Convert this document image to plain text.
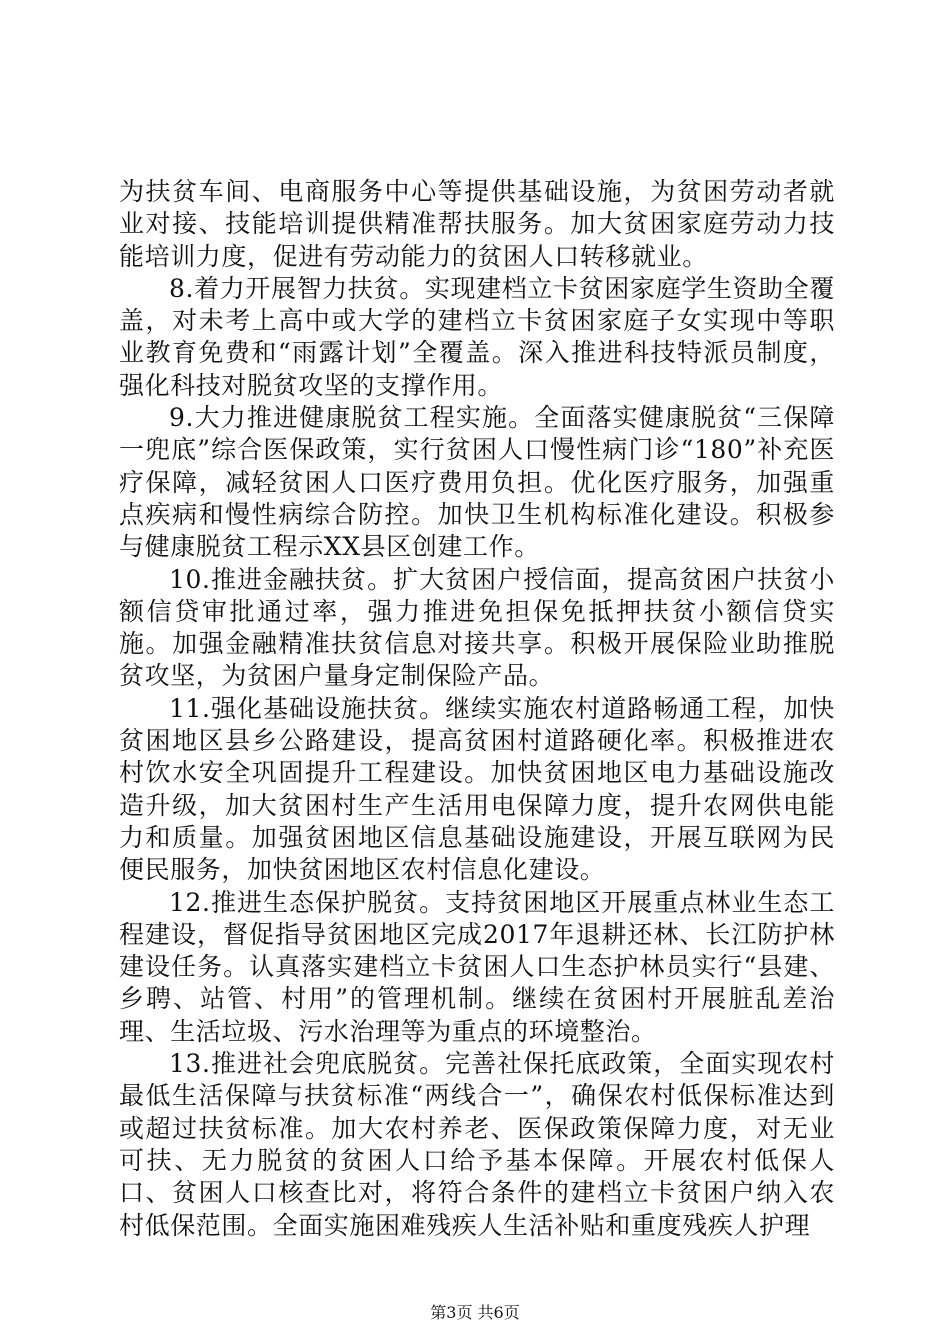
为扶贫车间、电商服务中心等提供基础设施，为贫困劳动者就业对接、技能培训提供精准帮扶服务。加大贫困家庭劳动力技能培训力度，促进有劳动能力的贫困人口转移就业。

8.着力开展智力扶贫。实现建档立卡贫困家庭学生资助全覆盖，对未考上高中或大学的建档立卡贫困家庭子女实现中等职业教育免费和“雨露计划”全覆盖。深入推进科技特派员制度，强化科技对脱贫攻坚的支撑作用。

9.大力推进健康脱贫工程实施。全面落实健康脱贫“三保障一兜底”综合医保政策，实行贫困人口慢性病门诊“180”补充医疗保障，减轻贫困人口医疗费用负担。优化医疗服务，加强重点疾病和慢性病综合防控。加快卫生机构标准化建设。积极参与健康脱贫工程示XX县区创建工作。

10.推进金融扶贫。扩大贫困户授信面，提高贫困户扶贫小额信贷审批通过率，强力推进免担保免抵押扶贫小额信贷实施。加强金融精准扶贫信息对接共享。积极开展保险业助推脱贫攻坚，为贫困户量身定制保险产品。

11.强化基础设施扶贫。继续实施农村道路畅通工程，加快贫困地区县乡公路建设，提高贫困村道路硬化率。积极推进农村饮水安全巩固提升工程建设。加快贫困地区电力基础设施改造升级，加大贫困村生产生活用电保障力度，提升农网供电能力和质量。加强贫困地区信息基础设施建设，开展互联网为民便民服务，加快贫困地区农村信息化建设。

12.推进生态保护脱贫。支持贫困地区开展重点林业生态工程建设，督促指导贫困地区完成2017年退耕还林、长江防护林建设任务。认真落实建档立卡贫困人口生态护林员实行“县建、乡聘、站管、村用”的管理机制。继续在贫困村开展脏乱差治理、生活垃圾、污水治理等为重点的环境整治。

13.推进社会兜底脱贫。完善社保托底政策，全面实现农村最低生活保障与扶贫标准“两线合一”，确保农村低保标准达到或超过扶贫标准。加大农村养老、医保政策保障力度，对无业可扶、无力脱贫的贫困人口给予基本保障。开展农村低保人口、贫困人口核查比对，将符合条件的建档立卡贫困户纳入农村低保范围。全面实施困难残疾人生活补贴和重度残疾人护理

第3页 共6页
